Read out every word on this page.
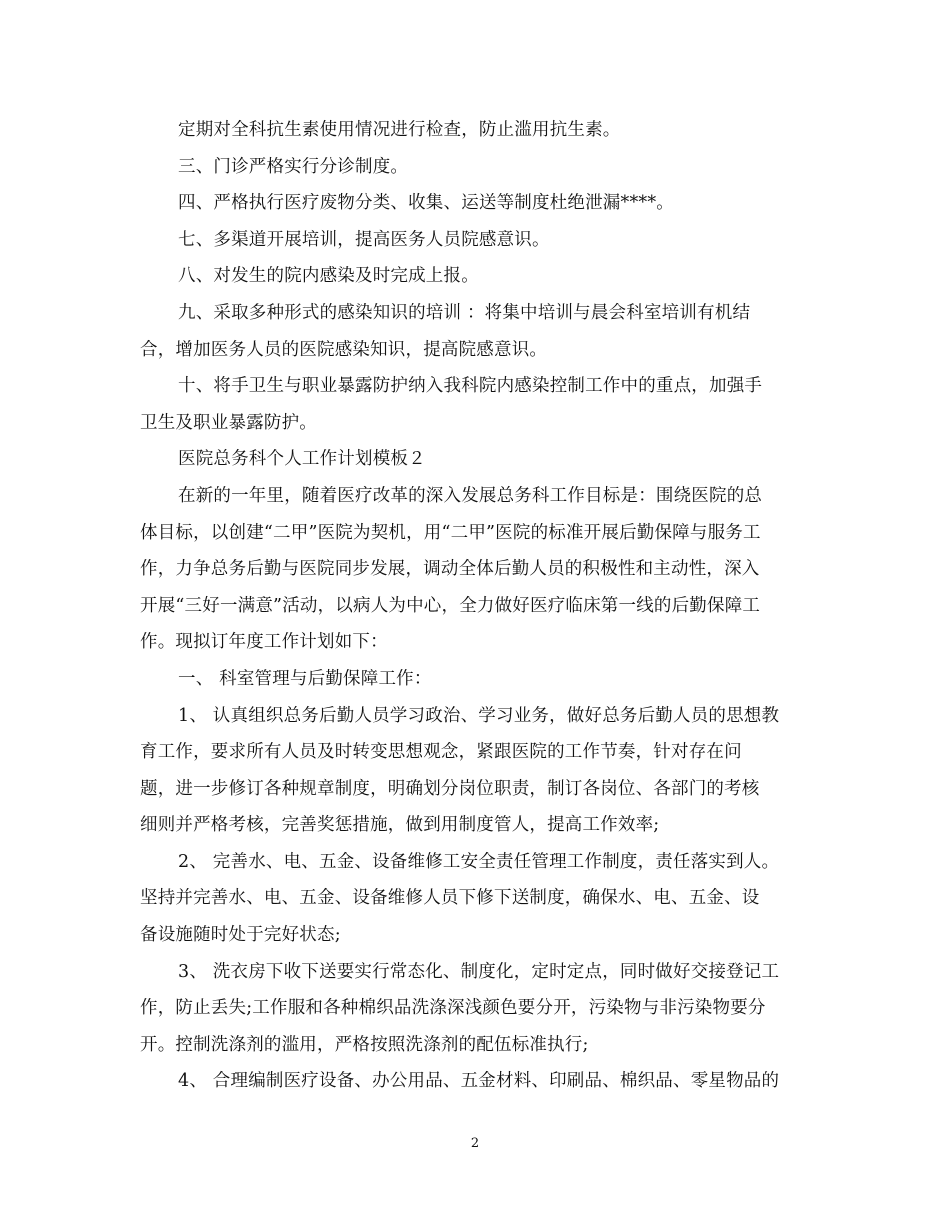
定期对全科抗生素使用情况进行检查，防止滥用抗生素。
三、门诊严格实行分诊制度。
四、严格执行医疗废物分类、收集、运送等制度杜绝泄漏****。
七、多渠道开展培训，提高医务人员院感意识。
八、对发生的院内感染及时完成上报。
九、采取多种形式的感染知识的培训 ：将集中培训与晨会科室培训有机结
合，增加医务人员的医院感染知识，提高院感意识。
十、将手卫生与职业暴露防护纳入我科院内感染控制工作中的重点，加强手
卫生及职业暴露防护。
医院总务科个人工作计划模板２
在新的一年里，随着医疗改革的深入发展总务科工作目标是：围绕医院的总
体目标，以创建“二甲”医院为契机，用“二甲”医院的标准开展后勤保障与服务工
作，力争总务后勤与医院同步发展，调动全体后勤人员的积极性和主动性，深入
开展“三好一满意”活动，以病人为中心，全力做好医疗临床第一线的后勤保障工
作。现拟订年度工作计划如下：
一、 科室管理与后勤保障工作：
1、 认真组织总务后勤人员学习政治、学习业务，做好总务后勤人员的思想教
育工作，要求所有人员及时转变思想观念，紧跟医院的工作节奏，针对存在问
题，进一步修订各种规章制度，明确划分岗位职责，制订各岗位、各部门的考核
细则并严格考核，完善奖惩措施，做到用制度管人，提高工作效率;
2、 完善水、电、五金、设备维修工安全责任管理工作制度，责任落实到人。
坚持并完善水、电、五金、设备维修人员下修下送制度，确保水、电、五金、设
备设施随时处于完好状态;
3、 洗衣房下收下送要实行常态化、制度化，定时定点，同时做好交接登记工
作，防止丢失;工作服和各种棉织品洗涤深浅颜色要分开，污染物与非污染物要分
开。控制洗涤剂的滥用，严格按照洗涤剂的配伍标准执行;
4、 合理编制医疗设备、办公用品、五金材料、印刷品、棉织品、零星物品的
2
